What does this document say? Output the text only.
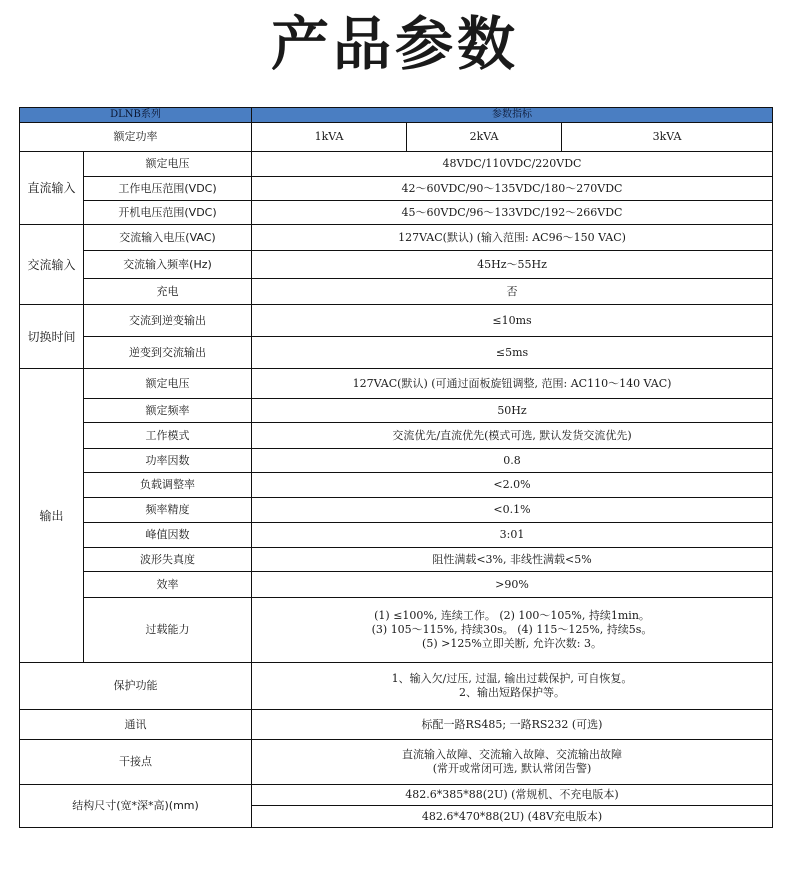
产品参数
DLNB系列		参数指标		
额定功率		1kVA	2kVA	3kVA
直流输入	额定电压	48VDC/110VDC/220VDC		
	工作电压范围(VDC)	42～60VDC/90～135VDC/180～270VDC		
	开机电压范围(VDC)	45～60VDC/96～133VDC/192～266VDC		
交流输入	交流输入电压(VAC)	127VAC(默认) (输入范围: AC96～150 VAC)		
	交流输入频率(Hz)	45Hz～55Hz		
	充电	否		
切换时间	交流到逆变输出	≤10ms		
	逆变到交流输出	≤5ms		
输出	额定电压	127VAC(默认) (可通过面板旋钮调整, 范围: AC110～140 VAC)		
	额定频率	50Hz		
	工作模式	交流优先/直流优先(模式可选, 默认发货交流优先)		
	功率因数	0.8		
	负载调整率	<2.0%		
	频率精度	<0.1%		
	峰值因数	3:01		
	波形失真度	阻性满载<3%, 非线性满载<5%		
	效率	>90%		
	过载能力	(1) ≤100%, 连续工作。 (2) 100～105%, 持续1min。
(3) 105～115%, 持续30s。 (4) 115～125%, 持续5s。
(5) >125%立即关断, 允许次数: 3。		

保护功能		1、输入欠/过压, 过温, 输出过载保护, 可自恢复。
2、输出短路保护等。		

通讯		标配一路RS485; 一路RS232 (可选)		
干接点		直流输入故障、交流输入故障、交流输出故障
(常开或常闭可选, 默认常闭告警)		

结构尺寸(宽*深*高)(mm)		482.6*385*88(2U) (常规机、不充电版本)		
		482.6*470*88(2U) (48V充电版本)		
